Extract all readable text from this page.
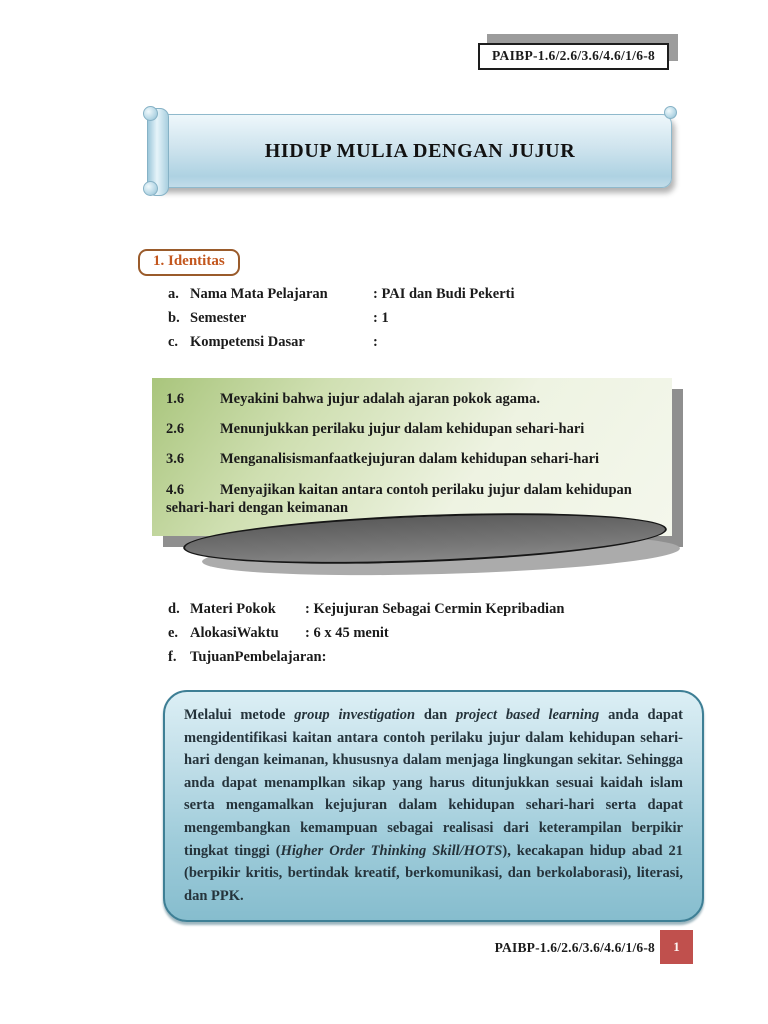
PAIBP-1.6/2.6/3.6/4.6/1/6-8
HIDUP MULIA DENGAN JUJUR
1. Identitas
a. Nama Mata Pelajaran	: PAI dan Budi Pekerti
b. Semester	: 1
c. Kompetensi Dasar	:
1.6	Meyakini bahwa jujur adalah ajaran pokok agama.
2.6	Menunjukkan perilaku jujur dalam kehidupan sehari-hari
3.6	Menganalisismanfaatkejujuran dalam kehidupan sehari-hari
4.6 Menyajikan kaitan antara contoh perilaku jujur dalam kehidupan sehari-hari dengan keimanan
d. Materi Pokok	: Kejujuran Sebagai Cermin Kepribadian
e. AlokasiWaktu	: 6 x 45 menit
f. TujuanPembelajaran:
Melalui metode group investigation dan project based learning anda dapat mengidentifikasi kaitan antara contoh perilaku jujur dalam kehidupan sehari-hari dengan keimanan, khususnya dalam menjaga lingkungan sekitar. Sehingga anda dapat menamplkan sikap yang harus ditunjukkan sesuai kaidah islam serta mengamalkan kejujuran dalam kehidupan sehari-hari serta dapat mengembangkan kemampuan sebagai realisasi dari keterampilan berpikir tingkat tinggi (Higher Order Thinking Skill/HOTS), kecakapan hidup abad 21 (berpikir kritis, bertindak kreatif, berkomunikasi, dan berkolaborasi), literasi, dan PPK.
PAIBP-1.6/2.6/3.6/4.6/1/6-8 1
